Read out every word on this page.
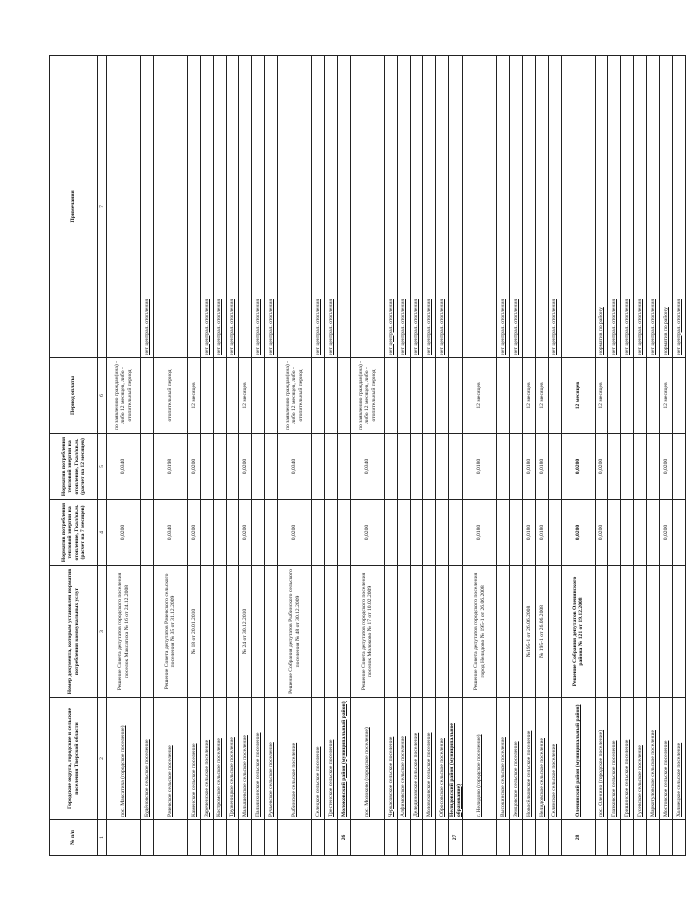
№ п/п	Городские округа, городские и сельские поселения Тверской области	Номер документа, которым установлен норматив потребления коммунальных услуг	Норматив потребления тепловой энергии на отопление, Гкал/кв.м. (расчет на 7 месяцев)	Норматив потребления тепловой энергии на отопление, Гкал/кв.м. (расчет на 12 месяцев)	Период оплаты	Примечания
1	2	3	4	5	6	7
	пос. Максатиха (городское поселение)	Решение Совета депутатов городского поселения поселок Максатиха № 16 от 24.12.2008	0,0200	0,0340	по заявлению граждан(ина) - либо 12 месяцев, либо - отопительный период	
	Будёновское сельское поселение					нет централ. отопления
	Рачевское сельское поселение	Решение Совета депутатов Рачевского сельского поселения № 35 от 31.12.2009	0,0340	0,0198	отопительный период	
	Каменское сельское поселение	№ 18 от 20.01.2010	0,0200	0,0200	12 месяцев	
	Зареченское сельское поселение					нет централ. отопления
	Костромское сельское поселение					нет централ. отопления
	Труженицкое сельское поселение					нет централ. отопления
	Малышевское сельское поселение	№ 24 от 30.12.2010	0,0200	0,0200	12 месяцев	
	Пальчихинское сельское поселение					нет централ. отопления
	Ручьевское сельское поселение					нет централ. отопления
	Рыбинское сельское поселение	Решение Собрания депутатов Рыбинского сельского поселения № 48 от 30.12.2009	0,0200	0,0340	по заявлению граждан(ина) - либо 12 месяцев, либо - отопительный период	
	Селецкое сельское поселение					нет централ. отопления
	Трестенское сельское поселение					нет централ. отопления
26	Молоковский район (муниципальный район)					
	пос. Молоково (городское поселение)	Решение Совета депутатов городского поселения поселок Молоково № 17 от 10.02.2009	0,0200	0,0340	по заявлению граждан(ина) - либо 12 месяцев, либо - отопительный период	
	Черкасовское сельское поселение					нет централ. отопления
	Алфимовское сельское поселение					нет централ. отопления
	Делединовское сельское поселение					нет централ. отопления
	Моловсковское сельское поселение					нет централ. отопления
	Обросовское сельское поселение					нет централ. отопления
27	Нелидовский район (муниципальное образование)					
	г. Нелидово (городское поселение)	Решение Совета депутатов городского поселения город Нелидово № 195-1 от 26.06.2008	0,0180	0,0180	12 месяцев	
	Высокинское сельское поселение					нет централ. отопления
	Земцовское сельское поселение					нет централ. отопления
	Новосёлковское сельское поселение	№195-1 от 26.06.2008	0,0180	0,0180	12 месяцев	
	Нелидовское сельское поселение	№ 195-1 от 26.06.2008	0,0180	0,0180	12 месяцев	
	Селянское сельское поселение					нет централ. отопления
28	Оленинский район (муниципальный район)	Решение Собрания депутатов Оленинского района № 121 от 19.12.2008	0,0200	0,0200	12 месяцев	
	пос. Оленино (городское поселение)		0,0200	0,0200	12 месяцев	норматив по району
	Глазковское сельское поселение					нет централ. отопления
	Гришинское сельское поселение					нет централ. отопления
	Гусевское сельское поселение					нет централ. отопления
	Маркотуловское сельское поселение					нет централ. отопления
	Мостовское сельское поселение		0,0200	0,0200	12 месяцев	норматив по району
	Холмецкое сельское поселение					нет централ. отопления
